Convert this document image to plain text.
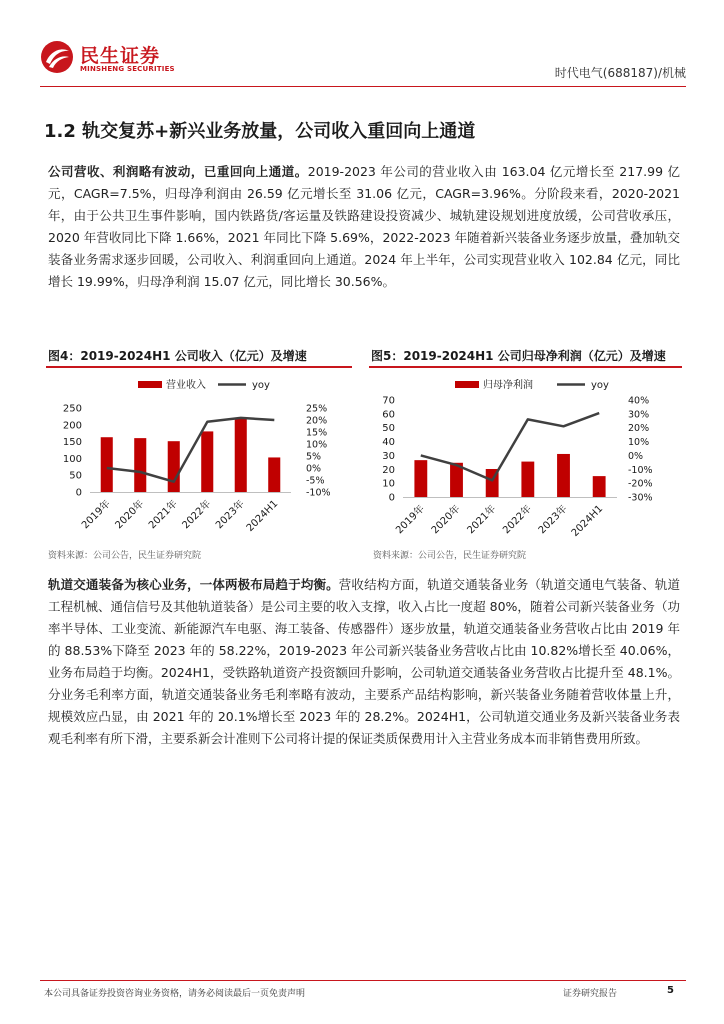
民生证券
MINSHENG SECURITIES	时代电气(688187)/机械
1.2 轨交复苏+新兴业务放量，公司收入重回向上通道
公司营收、利润略有波动，已重回向上通道。2019-2023 年公司的营业收入由 163.04 亿元增长至 217.99 亿元，CAGR=7.5%，归母净利润由 26.59 亿元增长至 31.06 亿元，CAGR=3.96%。分阶段来看，2020-2021 年，由于公共卫生事件影响，国内铁路货/客运量及铁路建设投资减少、城轨建设规划进度放缓，公司营收承压，2020 年营收同比下降 1.66%，2021 年同比下降 5.69%，2022-2023 年随着新兴装备业务逐步放量，叠加轨交装备业务需求逐步回暖，公司收入、利润重回向上通道。2024 年上半年，公司实现营业收入 102.84 亿元，同比增长 19.99%，归母净利润 15.07 亿元，同比增长 30.56%。
图4：2019-2024H1 公司收入（亿元）及增速	图5：2019-2024H1 公司归母净利润（亿元）及增速
营业收入	yoy
0
50
100
150
200
250
-10%
-5%
0%
5%
10%
15%
20%
25%
2019年 2020年 2021年 2022年 2023年
2024H1
归母净利润	yoy
0
10
20
30
40
50
60
70
-30%
-20%
-10%
0%
10%
20%
30%
40%
2019年 2020年 2021年 2022年 2023年 2024H1
资料来源：公司公告，民生证券研究院	资料来源：公司公告，民生证券研究院
轨道交通装备为核心业务，一体两极布局趋于均衡。营收结构方面，轨道交通装备业务（轨道交通电气装备、轨道工程机械、通信信号及其他轨道装备）是公司主要的收入支撑，收入占比一度超 80%，随着公司新兴装备业务（功率半导体、工业变流、新能源汽车电驱、海工装备、传感器件）逐步放量，轨道交通装备业务营收占比由 2019 年的 88.53%下降至 2023 年的 58.22%，2019-2023 年公司新兴装备业务营收占比由 10.82%增长至 40.06%，业务布局趋于均衡。2024H1，受铁路轨道资产投资额回升影响，公司轨道交通装备业务营收占比提升至 48.1%。分业务毛利率方面，轨道交通装备业务毛利率略有波动，主要系产品结构影响，新兴装备业务随着营收体量上升，规模效应凸显，由 2021 年的 20.1%增长至 2023 年的 28.2%。2024H1，公司轨道交通业务及新兴装备业务表观毛利率有所下滑，主要系新会计准则下公司将计提的保证类质保费用计入主营业务成本而非销售费用所致。
本公司具备证券投资咨询业务资格，请务必阅读最后一页免责声明	证券研究报告	5
